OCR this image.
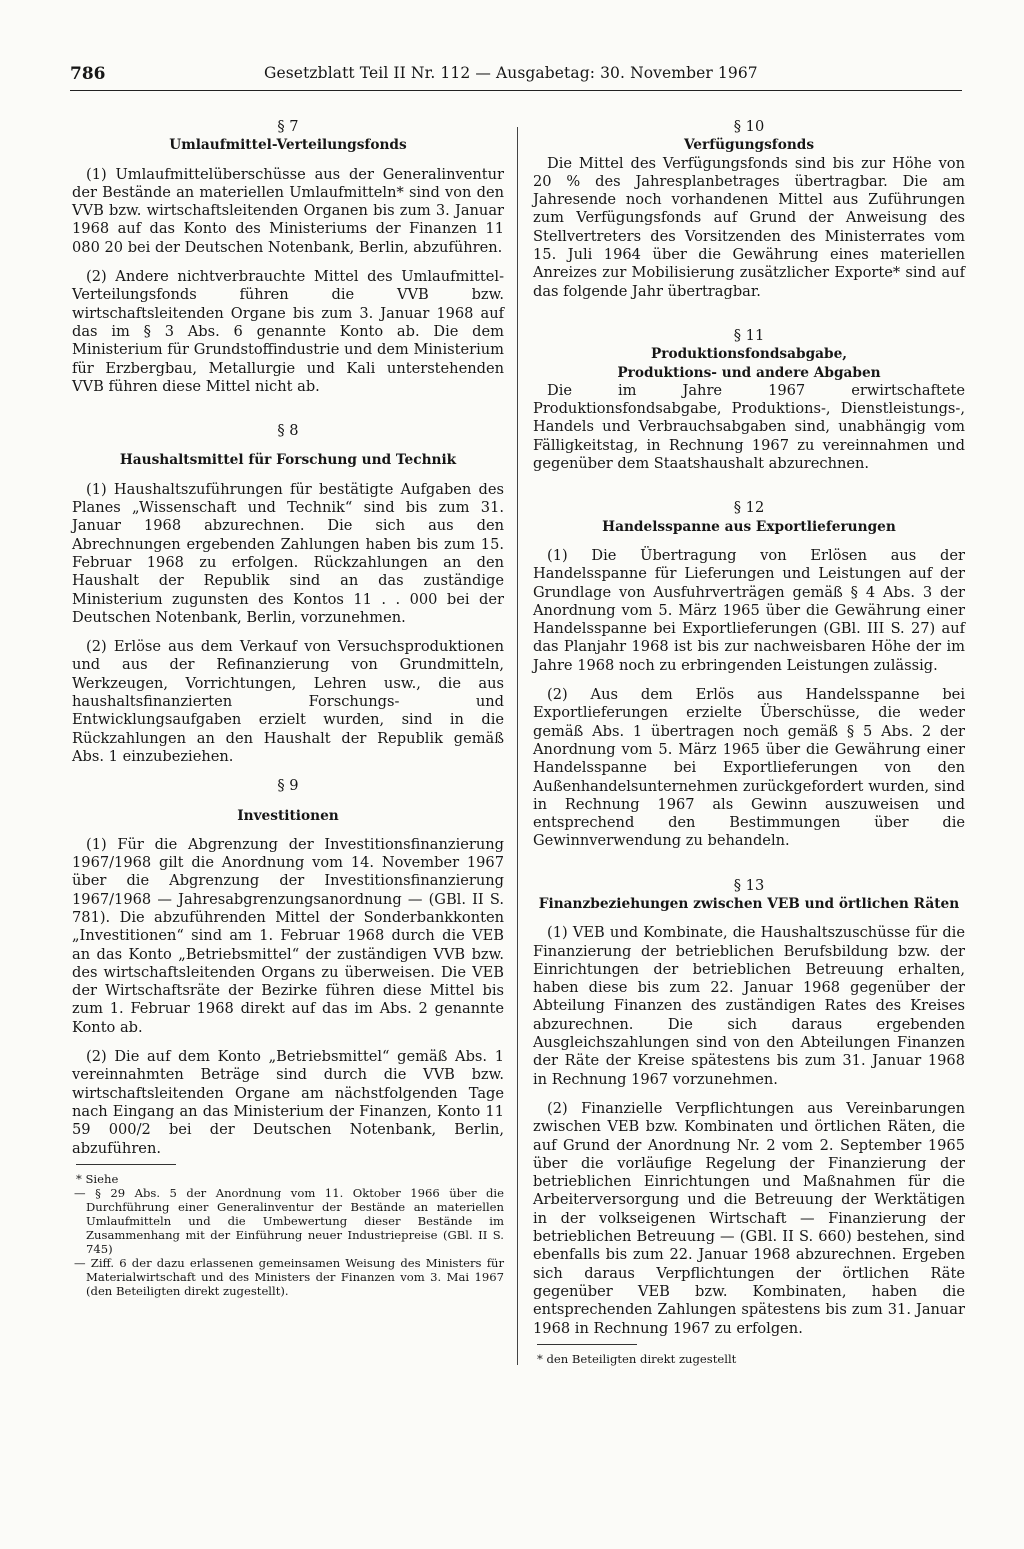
786	Gesetzblatt Teil II Nr. 112 — Ausgabetag: 30. November 1967

§ 7

Umlaufmittel-Verteilungsfonds

(1) Umlaufmittelüberschüsse aus der Generalinventur der Bestände an materiellen Umlaufmitteln* sind von den VVB bzw. wirtschaftsleitenden Organen bis zum 3. Januar 1968 auf das Konto des Ministeriums der Finanzen 11 080 20 bei der Deutschen Notenbank, Berlin, abzuführen.

(2) Andere nichtverbrauchte Mittel des Umlaufmittel-Verteilungsfonds führen die VVB bzw. wirtschaftsleitenden Organe bis zum 3. Januar 1968 auf das im § 3 Abs. 6 genannte Konto ab. Die dem Ministerium für Grundstoffindustrie und dem Ministerium für Erzbergbau, Metallurgie und Kali unterstehenden VVB führen diese Mittel nicht ab.

§ 8

Haushaltsmittel für Forschung und Technik

(1) Haushaltszuführungen für bestätigte Aufgaben des Planes „Wissenschaft und Technik“ sind bis zum 31. Januar 1968 abzurechnen. Die sich aus den Abrechnungen ergebenden Zahlungen haben bis zum 15. Februar 1968 zu erfolgen. Rückzahlungen an den Haushalt der Republik sind an das zuständige Ministerium zugunsten des Kontos 11 . . 000 bei der Deutschen Notenbank, Berlin, vorzunehmen.

(2) Erlöse aus dem Verkauf von Versuchsproduktionen und aus der Refinanzierung von Grundmitteln, Werkzeugen, Vorrichtungen, Lehren usw., die aus haushaltsfinanzierten Forschungs- und Entwicklungsaufgaben erzielt wurden, sind in die Rückzahlungen an den Haushalt der Republik gemäß Abs. 1 einzubeziehen.

§ 9

Investitionen

(1) Für die Abgrenzung der Investitionsfinanzierung 1967/1968 gilt die Anordnung vom 14. November 1967 über die Abgrenzung der Investitionsfinanzierung 1967/1968 — Jahresabgrenzungsanordnung — (GBl. II S. 781). Die abzuführenden Mittel der Sonderbankkonten „Investitionen“ sind am 1. Februar 1968 durch die VEB an das Konto „Betriebsmittel“ der zuständigen VVB bzw. des wirtschaftsleitenden Organs zu überweisen. Die VEB der Wirtschaftsräte der Bezirke führen diese Mittel bis zum 1. Februar 1968 direkt auf das im Abs. 2 genannte Konto ab.

(2) Die auf dem Konto „Betriebsmittel“ gemäß Abs. 1 vereinnahmten Beträge sind durch die VVB bzw. wirtschaftsleitenden Organe am nächstfolgenden Tage nach Eingang an das Ministerium der Finanzen, Konto 11 59 000/2 bei der Deutschen Notenbank, Berlin, abzuführen.

* Siehe

— § 29 Abs. 5 der Anordnung vom 11. Oktober 1966 über die Durchführung einer Generalinventur der Bestände an materiellen Umlaufmitteln und die Umbewertung dieser Bestände im Zusammenhang mit der Einführung neuer Industriepreise (GBl. II S. 745)

— Ziff. 6 der dazu erlassenen gemeinsamen Weisung des Ministers für Materialwirtschaft und des Ministers der Finanzen vom 3. Mai 1967 (den Beteiligten direkt zugestellt).

§ 10

Verfügungsfonds

Die Mittel des Verfügungsfonds sind bis zur Höhe von 20 % des Jahresplanbetrages übertragbar. Die am Jahresende noch vorhandenen Mittel aus Zuführungen zum Verfügungsfonds auf Grund der Anweisung des Stellvertreters des Vorsitzenden des Ministerrates vom 15. Juli 1964 über die Gewährung eines materiellen Anreizes zur Mobilisierung zusätzlicher Exporte* sind auf das folgende Jahr übertragbar.

§ 11

Produktionsfondsabgabe,

Produktions- und andere Abgaben

Die im Jahre 1967 erwirtschaftete Produktionsfondsabgabe, Produktions-, Dienstleistungs-, Handels und Verbrauchsabgaben sind, unabhängig vom Fälligkeitstag, in Rechnung 1967 zu vereinnahmen und gegenüber dem Staatshaushalt abzurechnen.

§ 12

Handelsspanne aus Exportlieferungen

(1) Die Übertragung von Erlösen aus der Handelsspanne für Lieferungen und Leistungen auf der Grundlage von Ausfuhrverträgen gemäß § 4 Abs. 3 der Anordnung vom 5. März 1965 über die Gewährung einer Handelsspanne bei Exportlieferungen (GBl. III S. 27) auf das Planjahr 1968 ist bis zur nachweisbaren Höhe der im Jahre 1968 noch zu erbringenden Leistungen zulässig.

(2) Aus dem Erlös aus Handelsspanne bei Exportlieferungen erzielte Überschüsse, die weder gemäß Abs. 1 übertragen noch gemäß § 5 Abs. 2 der Anordnung vom 5. März 1965 über die Gewährung einer Handelsspanne bei Exportlieferungen von den Außenhandelsunternehmen zurückgefordert wurden, sind in Rechnung 1967 als Gewinn auszuweisen und entsprechend den Bestimmungen über die Gewinnverwendung zu behandeln.

§ 13

Finanzbeziehungen zwischen VEB und örtlichen Räten

(1) VEB und Kombinate, die Haushaltszuschüsse für die Finanzierung der betrieblichen Berufsbildung bzw. der Einrichtungen der betrieblichen Betreuung erhalten, haben diese bis zum 22. Januar 1968 gegenüber der Abteilung Finanzen des zuständigen Rates des Kreises abzurechnen. Die sich daraus ergebenden Ausgleichszahlungen sind von den Abteilungen Finanzen der Räte der Kreise spätestens bis zum 31. Januar 1968 in Rechnung 1967 vorzunehmen.

(2) Finanzielle Verpflichtungen aus Vereinbarungen zwischen VEB bzw. Kombinaten und örtlichen Räten, die auf Grund der Anordnung Nr. 2 vom 2. September 1965 über die vorläufige Regelung der Finanzierung der betrieblichen Einrichtungen und Maßnahmen für die Arbeiterversorgung und die Betreuung der Werktätigen in der volkseigenen Wirtschaft — Finanzierung der betrieblichen Betreuung — (GBl. II S. 660) bestehen, sind ebenfalls bis zum 22. Januar 1968 abzurechnen. Ergeben sich daraus Verpflichtungen der örtlichen Räte gegenüber VEB bzw. Kombinaten, haben die entsprechenden Zahlungen spätestens bis zum 31. Januar 1968 in Rechnung 1967 zu erfolgen.

* den Beteiligten direkt zugestellt
